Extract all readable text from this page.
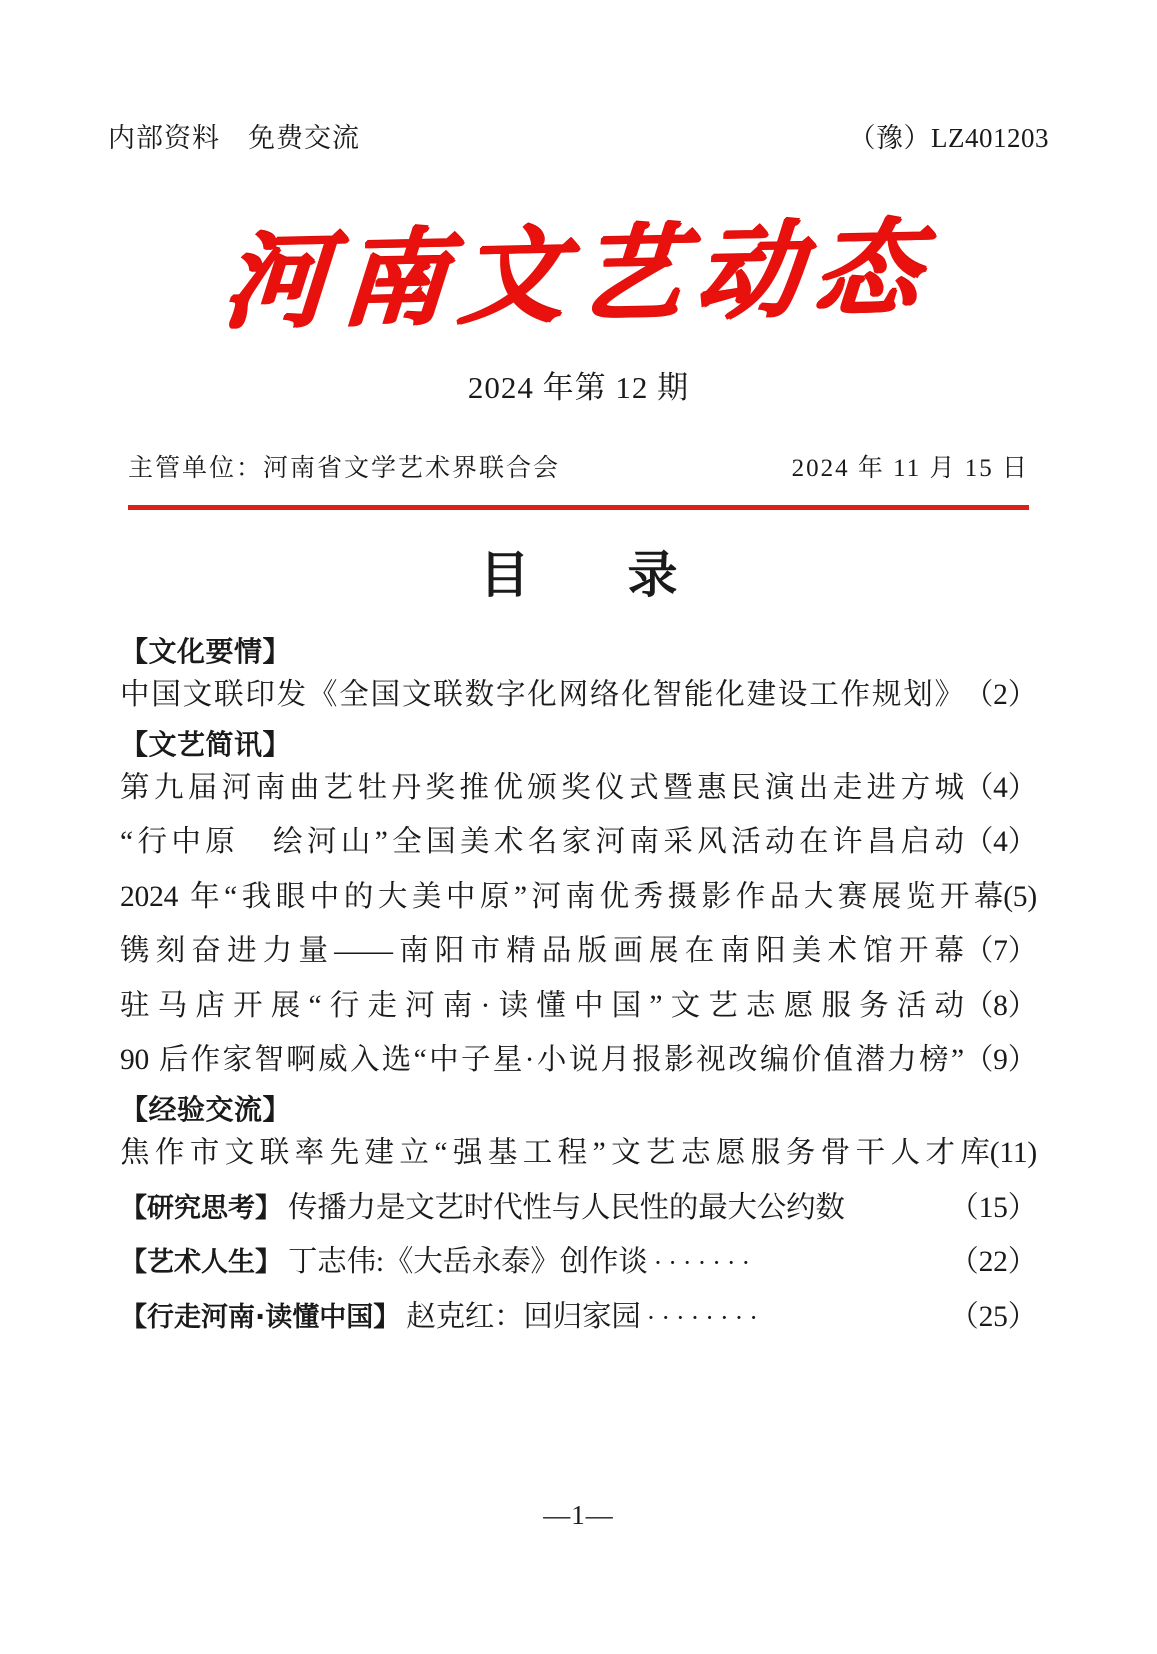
内部资料　免费交流	（豫）LZ401203
河南文艺动态
2024 年第 12 期
主管单位：河南省文学艺术界联合会	2024 年 11 月 15 日
目　录
【文化要情】
中国文联印发《全国文联数字化网络化智能化建设工作规划》 （2）
【文艺简讯】
第九届河南曲艺牡丹奖推优颁奖仪式暨惠民演出走进方城 （4）
“行中原　绘河山”全国美术名家河南采风活动在许昌启动 （4）
2024 年“我眼中的大美中原”河南优秀摄影作品大赛展览开幕 (5)
镌刻奋进力量——南阳市精品版画展在南阳美术馆开幕 （7）
驻马店开展“行走河南·读懂中国”文艺志愿服务活动 （8）
90 后作家智啊威入选“中子星·小说月报影视改编价值潜力榜” （9）
【经验交流】
焦作市文联率先建立“强基工程”文艺志愿服务骨干人才库 (11)
【研究思考】 传播力是文艺时代性与人民性的最大公约数	（15）
【艺术人生】 丁志伟:《大岳永泰》创作谈 ·······	（22）
【行走河南·读懂中国】 赵克红：回归家园 ········	（25）
—1—
